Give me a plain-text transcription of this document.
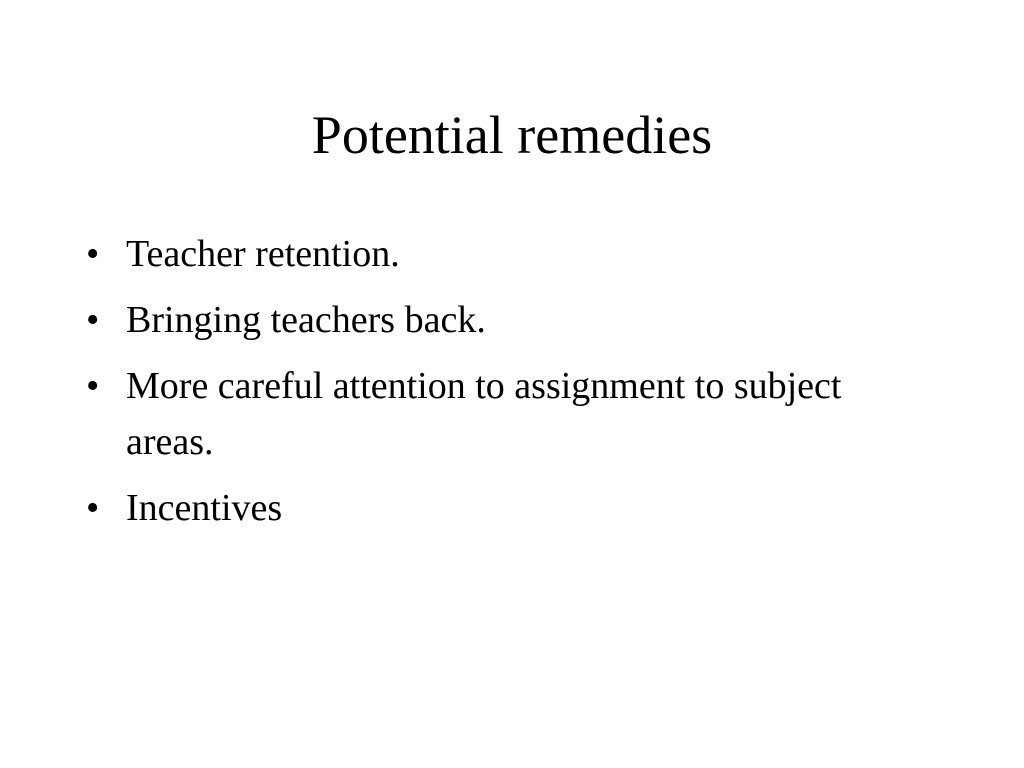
Potential remedies
• Teacher retention.
• Bringing teachers back.
• More careful attention to assignment to subject areas.
• Incentives
